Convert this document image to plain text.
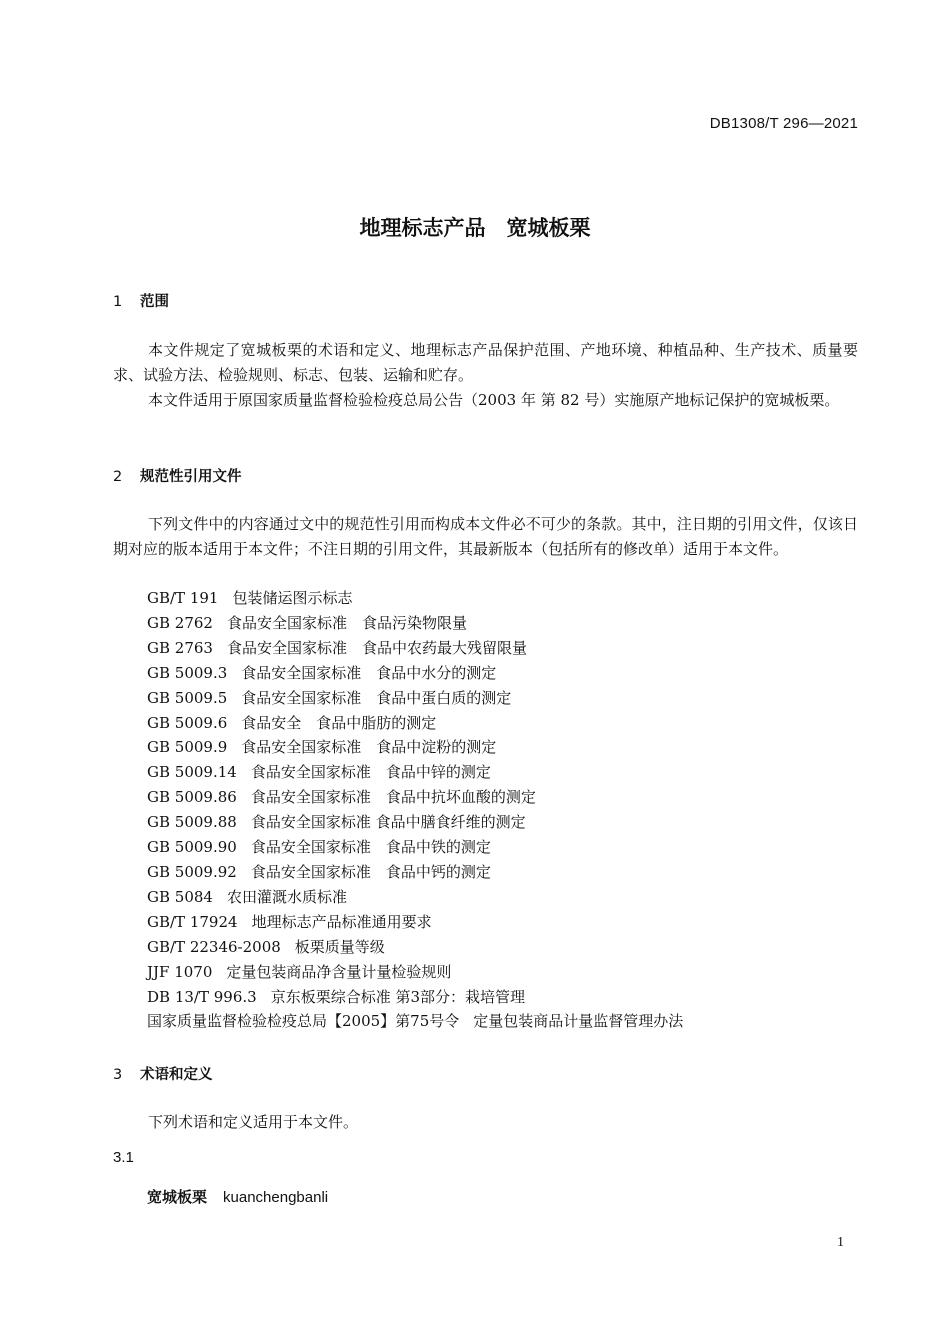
DB1308/T 296—2021
地理标志产品　宽城板栗
1 范围

本文件规定了宽城板栗的术语和定义、地理标志产品保护范围、产地环境、种植品种、生产技术、质量要求、试验方法、检验规则、标志、包装、运输和贮存。

本文件适用于原国家质量监督检验检疫总局公告（2003 年 第 82 号）实施原产地标记保护的宽城板栗。

2 规范性引用文件

下列文件中的内容通过文中的规范性引用而构成本文件必不可少的条款。其中，注日期的引用文件，仅该日期对应的版本适用于本文件；不注日期的引用文件，其最新版本（包括所有的修改单）适用于本文件。

GB/T 191 包装储运图示标志
GB 2762 食品安全国家标准　食品污染物限量
GB 2763 食品安全国家标准　食品中农药最大残留限量
GB 5009.3 食品安全国家标准　食品中水分的测定
GB 5009.5 食品安全国家标准　食品中蛋白质的测定
GB 5009.6 食品安全　食品中脂肪的测定
GB 5009.9 食品安全国家标准　食品中淀粉的测定
GB 5009.14 食品安全国家标准　食品中锌的测定
GB 5009.86 食品安全国家标准　食品中抗坏血酸的测定
GB 5009.88 食品安全国家标准 食品中膳食纤维的测定
GB 5009.90 食品安全国家标准　食品中铁的测定
GB 5009.92 食品安全国家标准　食品中钙的测定
GB 5084 农田灌溉水质标准
GB/T 17924 地理标志产品标准通用要求
GB/T 22346-2008 板栗质量等级
JJF 1070 定量包装商品净含量计量检验规则
DB 13/T 996.3 京东板栗综合标准 第3部分：栽培管理
国家质量监督检验检疫总局【2005】第75号令 定量包装商品计量监督管理办法
3 术语和定义

下列术语和定义适用于本文件。

3.1
宽城板栗 kuanchengbanli
1
